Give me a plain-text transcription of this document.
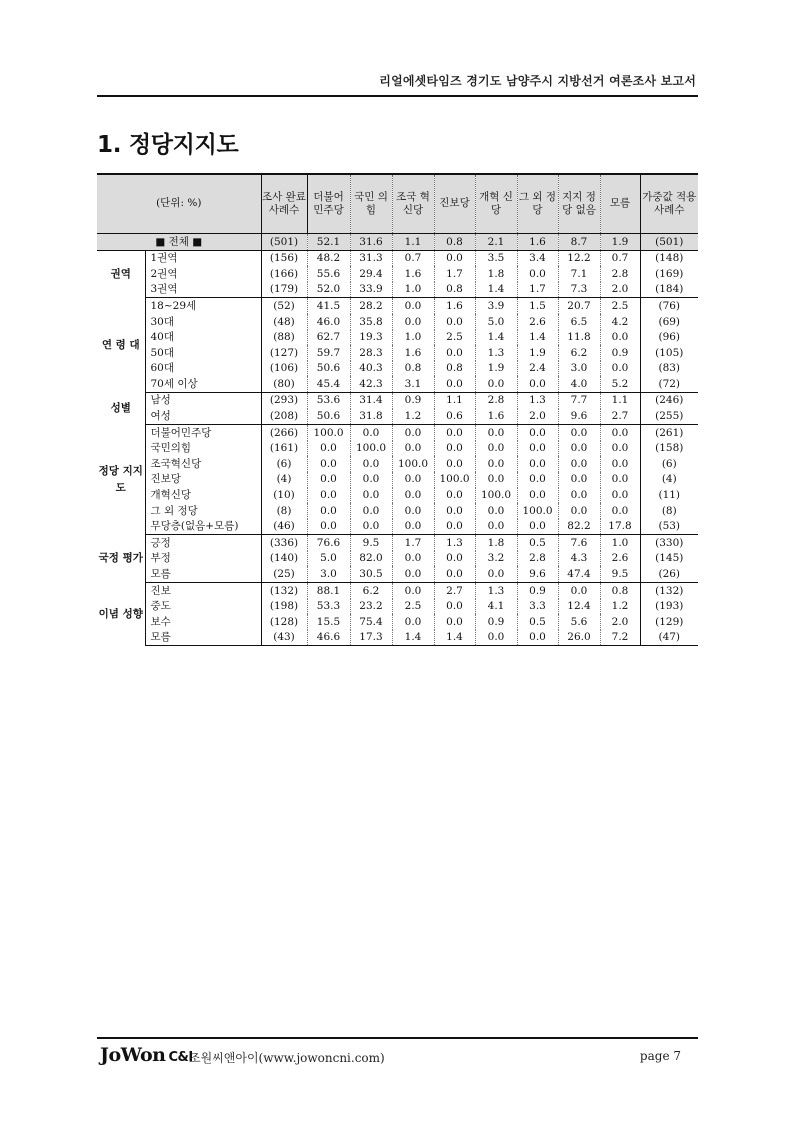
리얼에셋타임즈 경기도 남양주시 지방선거 여론조사 보고서
1. 정당지지도
(단위: %)		조사 완료 사례수	더불어 민주당	국민 의힘	조국 혁신당	진보당	개혁 신당	그 외 정당	지지 정당 없음	모름	가중값 적용 사례수
■ 전체 ■		(501)	52.1	31.6	1.1	0.8	2.1	1.6	8.7	1.9	(501)
권역	1권역	(156)	48.2	31.3	0.7	0.0	3.5	3.4	12.2	0.7	(148)
	2권역	(166)	55.6	29.4	1.6	1.7	1.8	0.0	7.1	2.8	(169)
	3권역	(179)	52.0	33.9	1.0	0.8	1.4	1.7	7.3	2.0	(184)
연 령 대	18~29세	(52)	41.5	28.2	0.0	1.6	3.9	1.5	20.7	2.5	(76)
	30대	(48)	46.0	35.8	0.0	0.0	5.0	2.6	6.5	4.2	(69)
	40대	(88)	62.7	19.3	1.0	2.5	1.4	1.4	11.8	0.0	(96)
	50대	(127)	59.7	28.3	1.6	0.0	1.3	1.9	6.2	0.9	(105)
	60대	(106)	50.6	40.3	0.8	0.8	1.9	2.4	3.0	0.0	(83)
	70세 이상	(80)	45.4	42.3	3.1	0.0	0.0	0.0	4.0	5.2	(72)
성별	남성	(293)	53.6	31.4	0.9	1.1	2.8	1.3	7.7	1.1	(246)
	여성	(208)	50.6	31.8	1.2	0.6	1.6	2.0	9.6	2.7	(255)
정당 지지도	더불어민주당	(266)	100.0	0.0	0.0	0.0	0.0	0.0	0.0	0.0	(261)
	국민의힘	(161)	0.0	100.0	0.0	0.0	0.0	0.0	0.0	0.0	(158)
	조국혁신당	(6)	0.0	0.0	100.0	0.0	0.0	0.0	0.0	0.0	(6)
	진보당	(4)	0.0	0.0	0.0	100.0	0.0	0.0	0.0	0.0	(4)
	개혁신당	(10)	0.0	0.0	0.0	0.0	100.0	0.0	0.0	0.0	(11)
	그 외 정당	(8)	0.0	0.0	0.0	0.0	0.0	100.0	0.0	0.0	(8)
	무당층(없음+모름)	(46)	0.0	0.0	0.0	0.0	0.0	0.0	82.2	17.8	(53)
국정 평가	긍정	(336)	76.6	9.5	1.7	1.3	1.8	0.5	7.6	1.0	(330)
	부정	(140)	5.0	82.0	0.0	0.0	3.2	2.8	4.3	2.6	(145)
	모름	(25)	3.0	30.5	0.0	0.0	0.0	9.6	47.4	9.5	(26)
이념 성향	진보	(132)	88.1	6.2	0.0	2.7	1.3	0.9	0.0	0.8	(132)
	중도	(198)	53.3	23.2	2.5	0.0	4.1	3.3	12.4	1.2	(193)
	보수	(128)	15.5	75.4	0.0	0.0	0.9	0.5	5.6	2.0	(129)
	모름	(43)	46.6	17.3	1.4	1.4	0.0	0.0	26.0	7.2	(47)
JoWon C&I
조원씨앤아이(www.jowoncni.com)	page 7
